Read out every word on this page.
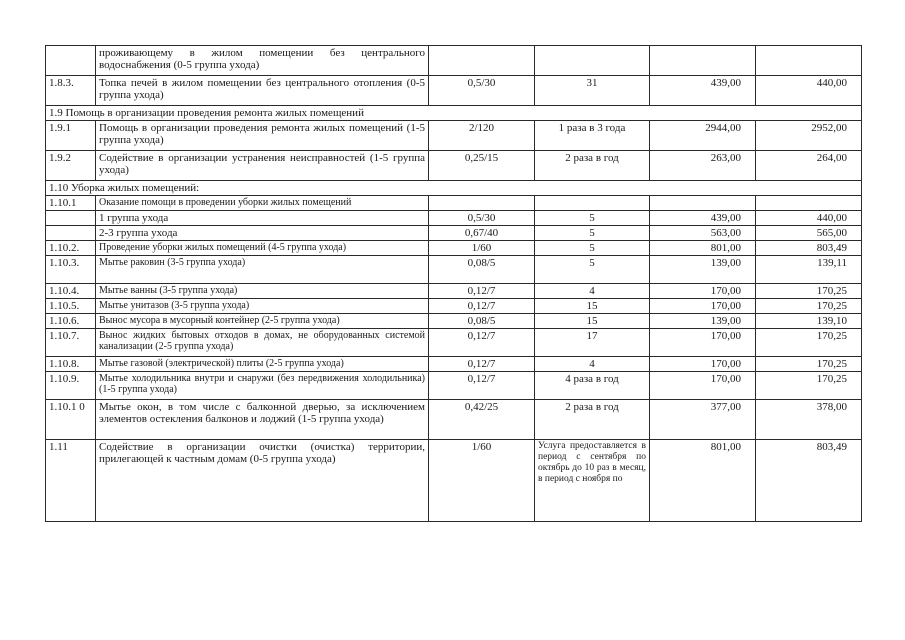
	проживающему в жилом помещении без центрального водоснабжения (0-5 группа ухода)				
1.8.3.	Топка печей в жилом помещении без центрального отопления (0-5 группа ухода)	0,5/30	31	439,00	440,00
1.9 Помощь в организации проведения ремонта жилых помещений					
1.9.1	Помощь в организации проведения ремонта жилых помещений (1-5 группа ухода)	2/120	1 раза в 3 года	2944,00	2952,00
1.9.2	Содействие в организации устранения неисправностей (1-5 группа ухода)	0,25/15	2 раза в год	263,00	264,00
1.10 Уборка жилых помещений:					
1.10.1	Оказание помощи в проведении уборки жилых помещений				
	1 группа ухода	0,5/30	5	439,00	440,00
	2-3 группа ухода	0,67/40	5	563,00	565,00
1.10.2.	Проведение уборки жилых помещений (4-5 группа ухода)	1/60	5	801,00	803,49
1.10.3.	Мытье раковин (3-5 группа ухода)	0,08/5	5	139,00	139,11
1.10.4.	Мытье ванны (3-5 группа ухода)	0,12/7	4	170,00	170,25
1.10.5.	Мытье унитазов (3-5 группа ухода)	0,12/7	15	170,00	170,25
1.10.6.	Вынос мусора в мусорный контейнер (2-5 группа ухода)	0,08/5	15	139,00	139,10
1.10.7.	Вынос жидких бытовых отходов в домах, не оборудованных системой канализации (2-5 группа ухода)	0,12/7	17	170,00	170,25
1.10.8.	Мытье газовой (электрической) плиты (2-5 группа ухода)	0,12/7	4	170,00	170,25
1.10.9.	Мытье холодильника внутри и снаружи (без передвижения холодильника) (1-5 группа ухода)	0,12/7	4 раза в год	170,00	170,25
1.10.1 0	Мытье окон, в том числе с балконной дверью, за исключением элементов остекления балконов и лоджий (1-5 группа ухода)	0,42/25	2 раза в год	377,00	378,00
1.11	Содействие в организации очистки (очистка) территории, прилегающей к частным домам (0-5 группа ухода)	1/60	Услуга предоставляется в период с сентября по октябрь до 10 раз в месяц, в период с ноября по	801,00	803,49
